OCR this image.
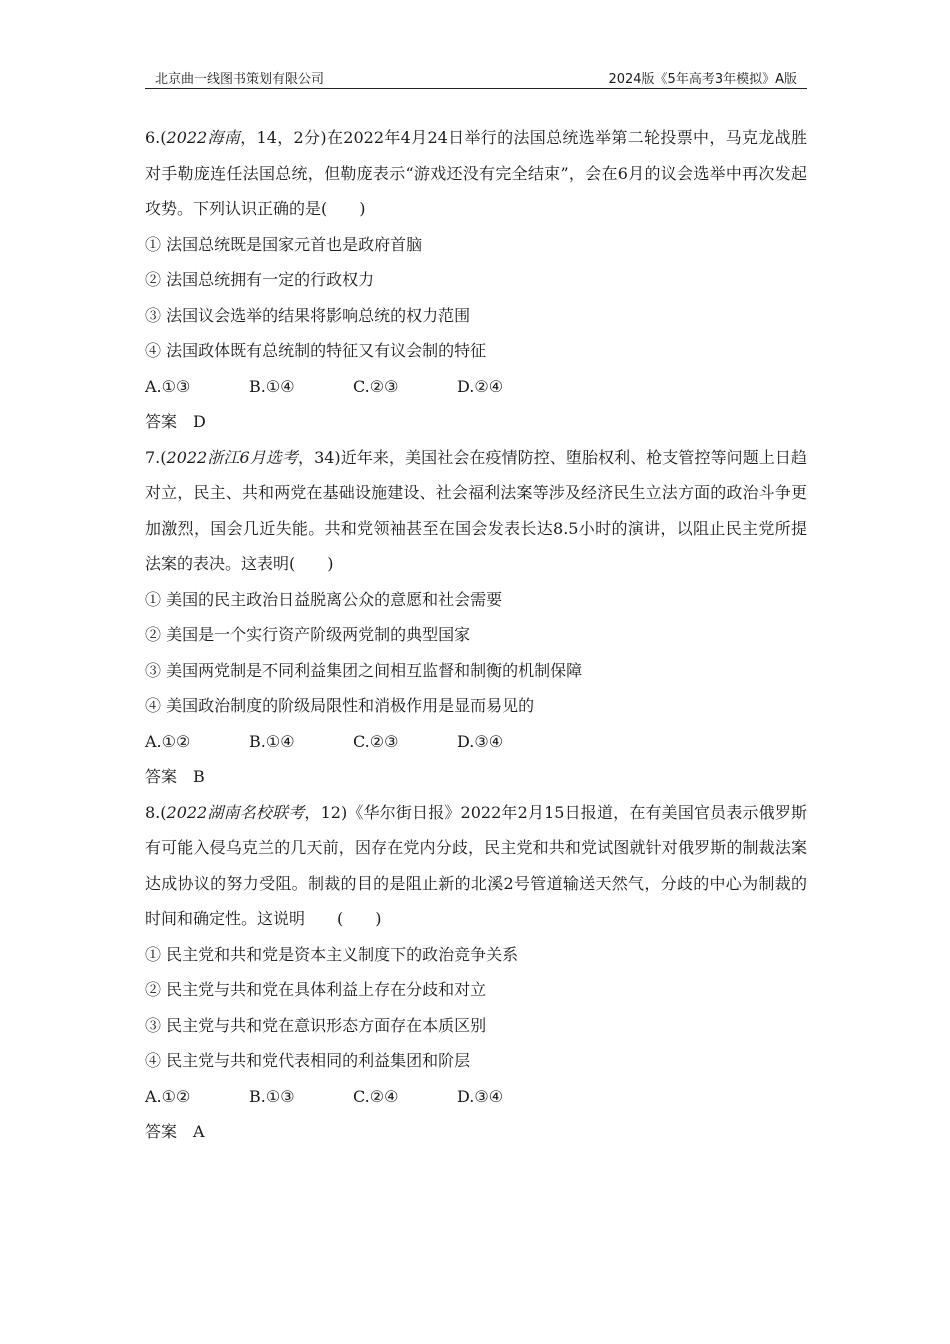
北京曲一线图书策划有限公司	2024版《5年高考3年模拟》A版

6.(2022海南，14，2分)在2022年4月24日举行的法国总统选举第二轮投票中，马克龙战胜对手勒庞连任法国总统，但勒庞表示“游戏还没有完全结束”，会在6月的议会选举中再次发起攻势。下列认识正确的是(　　)

① 法国总统既是国家元首也是政府首脑
② 法国总统拥有一定的行政权力
③ 法国议会选举的结果将影响总统的权力范围
④ 法国政体既有总统制的特征又有议会制的特征
A.①③	B.①④	C.②③	D.②④
答案　D

7.(2022浙江6月选考，34)近年来，美国社会在疫情防控、堕胎权利、枪支管控等问题上日趋对立，民主、共和两党在基础设施建设、社会福利法案等涉及经济民生立法方面的政治斗争更加激烈，国会几近失能。共和党领袖甚至在国会发表长达8.5小时的演讲，以阻止民主党所提法案的表决。这表明(　　)

① 美国的民主政治日益脱离公众的意愿和社会需要
② 美国是一个实行资产阶级两党制的典型国家
③ 美国两党制是不同利益集团之间相互监督和制衡的机制保障
④ 美国政治制度的阶级局限性和消极作用是显而易见的
A.①②	B.①④	C.②③	D.③④
答案　B

8.(2022湖南名校联考，12)《华尔街日报》2022年2月15日报道，在有美国官员表示俄罗斯有可能入侵乌克兰的几天前，因存在党内分歧，民主党和共和党试图就针对俄罗斯的制裁法案达成协议的努力受阻。制裁的目的是阻止新的北溪2号管道输送天然气，分歧的中心为制裁的时间和确定性。这说明　　(　　)

① 民主党和共和党是资本主义制度下的政治竞争关系
② 民主党与共和党在具体利益上存在分歧和对立
③ 民主党与共和党在意识形态方面存在本质区别
④ 民主党与共和党代表相同的利益集团和阶层
A.①②	B.①③	C.②④	D.③④
答案　A
